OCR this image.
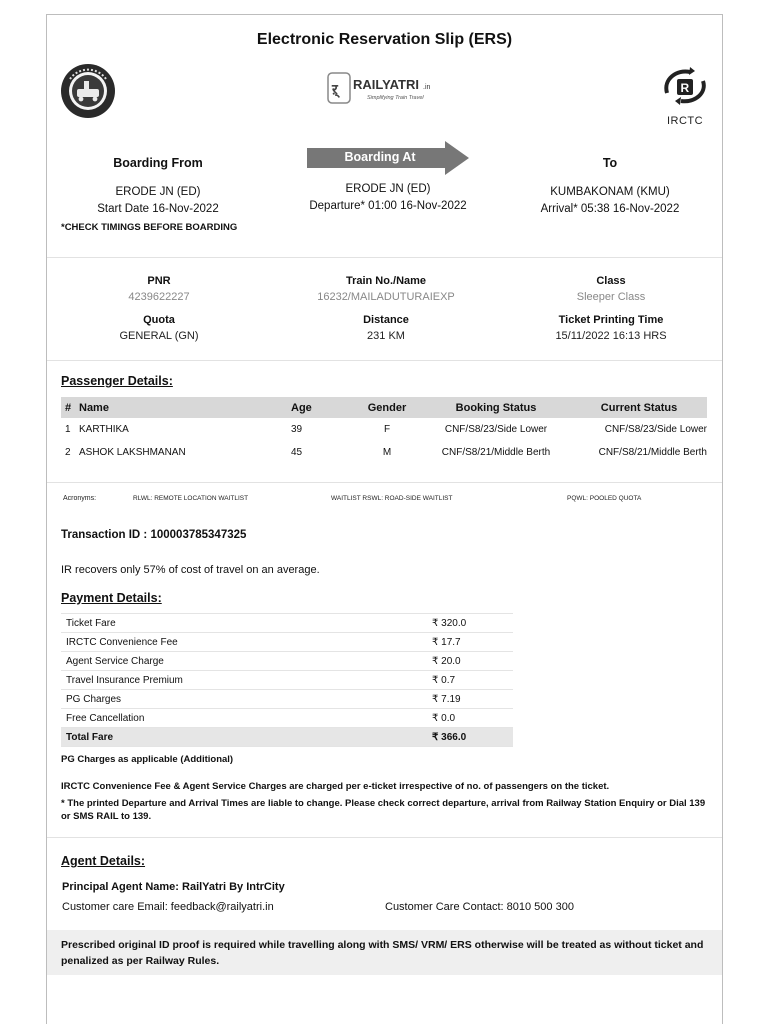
Electronic Reservation Slip (ERS)
ऱ् RAILYATRI .in
Simplifying Train Travel
R
IRCTC
Boarding At
Boarding From
ERODE JN (ED)
Start Date 16-Nov-2022
ERODE JN (ED)
Departure* 01:00 16-Nov-2022
To
KUMBAKONAM (KMU)
Arrival* 05:38 16-Nov-2022
*CHECK TIMINGS BEFORE BOARDING
PNR
4239622227
Train No./Name
16232/MAILADUTURAIEXP
Class
Sleeper Class
Quota
GENERAL (GN)
Distance
231 KM
Ticket Printing Time
15/11/2022 16:13 HRS
Passenger Details:
#	Name	Age	Gender	Booking Status	Current Status
1	KARTHIKA	39	F	CNF/S8/23/Side Lower	CNF/S8/23/Side Lower
2	ASHOK LAKSHMANAN	45	M	CNF/S8/21/Middle Berth	CNF/S8/21/Middle Berth
Acronyms:	RLWL: REMOTE LOCATION WAITLIST	WAITLIST RSWL: ROAD-SIDE WAITLIST	PQWL: POOLED QUOTA
Transaction ID : 100003785347325
IR recovers only 57% of cost of travel on an average.
Payment Details:
Ticket Fare	₹ 320.0
IRCTC Convenience Fee	₹ 17.7
Agent Service Charge	₹ 20.0
Travel Insurance Premium	₹ 0.7
PG Charges	₹ 7.19
Free Cancellation	₹ 0.0
Total Fare	₹ 366.0
PG Charges as applicable (Additional)
IRCTC Convenience Fee & Agent Service Charges are charged per e-ticket irrespective of no. of passengers on the ticket.
* The printed Departure and Arrival Times are liable to change. Please check correct departure, arrival from Railway Station Enquiry or Dial 139 or SMS RAIL to 139.
Agent Details:
Principal Agent Name: RailYatri By IntrCity
Customer care Email: feedback@railyatri.in	Customer Care Contact: 8010 500 300
Prescribed original ID proof is required while travelling along with SMS/ VRM/ ERS otherwise will be treated as without ticket and penalized as per Railway Rules.
